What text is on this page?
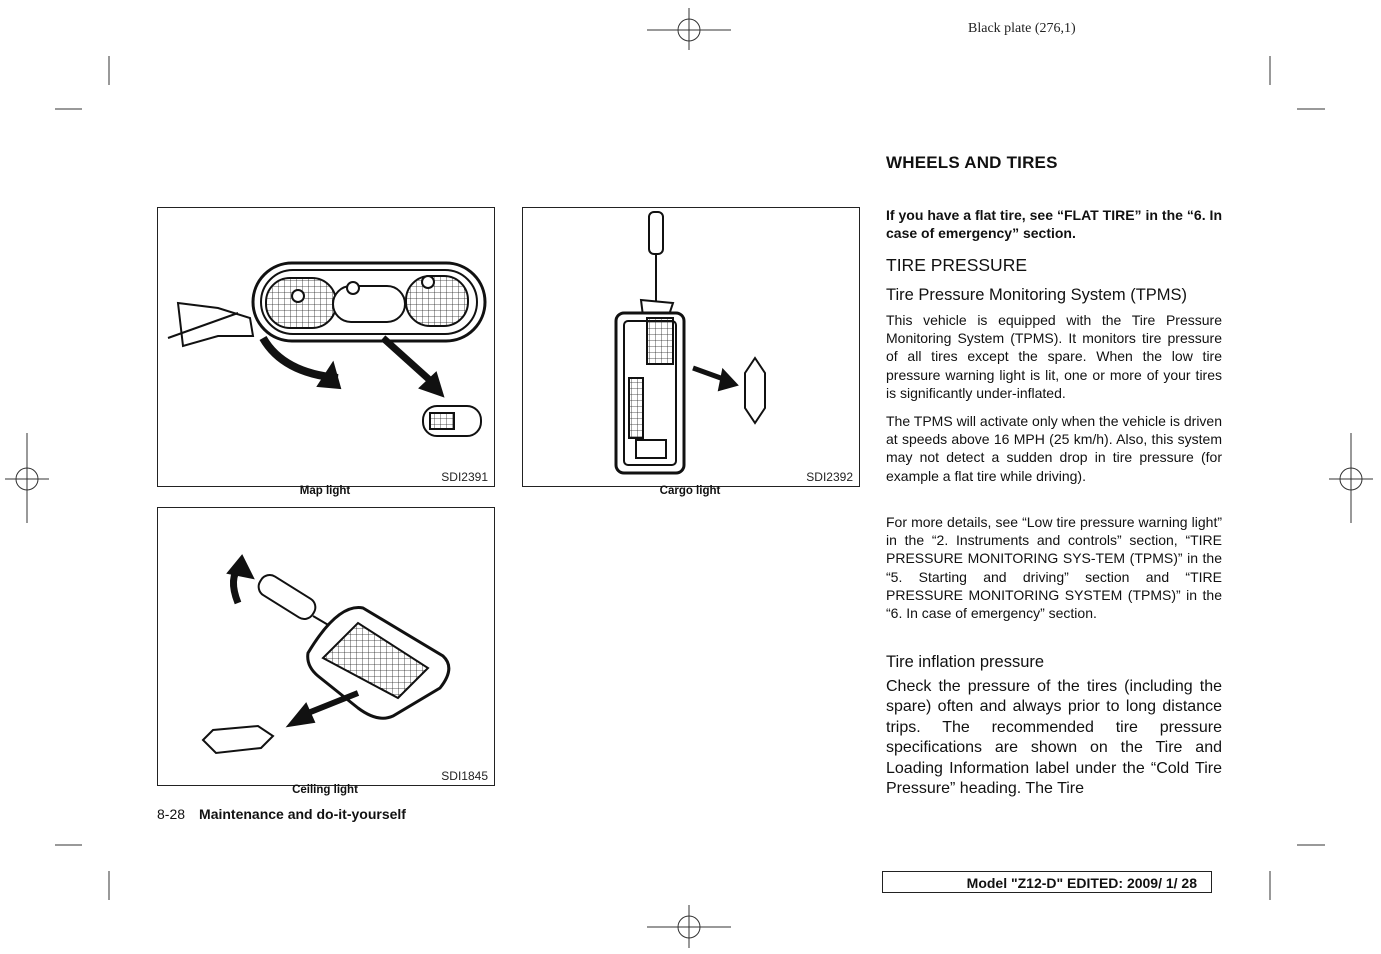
Black plate (276,1)
SDI2391
Map light
SDI2392
Cargo light
SDI1845
Ceiling light
8-28 Maintenance and do-it-yourself
WHEELS AND TIRES
If you have a flat tire, see “FLAT TIRE” in the “6. In case of emergency” section.
TIRE PRESSURE
Tire Pressure Monitoring System (TPMS)
This vehicle is equipped with the Tire Pressure Monitoring System (TPMS). It monitors tire pressure of all tires except the spare. When the low tire pressure warning light is lit, one or more of your tires is significantly under-inflated.
The TPMS will activate only when the vehicle is driven at speeds above 16 MPH (25 km/h). Also, this system may not detect a sudden drop in tire pressure (for example a flat tire while driving).
For more details, see “Low tire pressure warning light” in the “2. Instruments and controls” section, “TIRE PRESSURE MONITORING SYS-TEM (TPMS)” in the “5. Starting and driving” section and “TIRE PRESSURE MONITORING SYSTEM (TPMS)” in the “6. In case of emergency” section.
Tire inflation pressure
Check the pressure of the tires (including the spare) often and always prior to long distance trips. The recommended tire pressure specifications are shown on the Tire and Loading Information label under the “Cold Tire Pressure” heading. The Tire
Model "Z12-D" EDITED: 2009/ 1/ 28
